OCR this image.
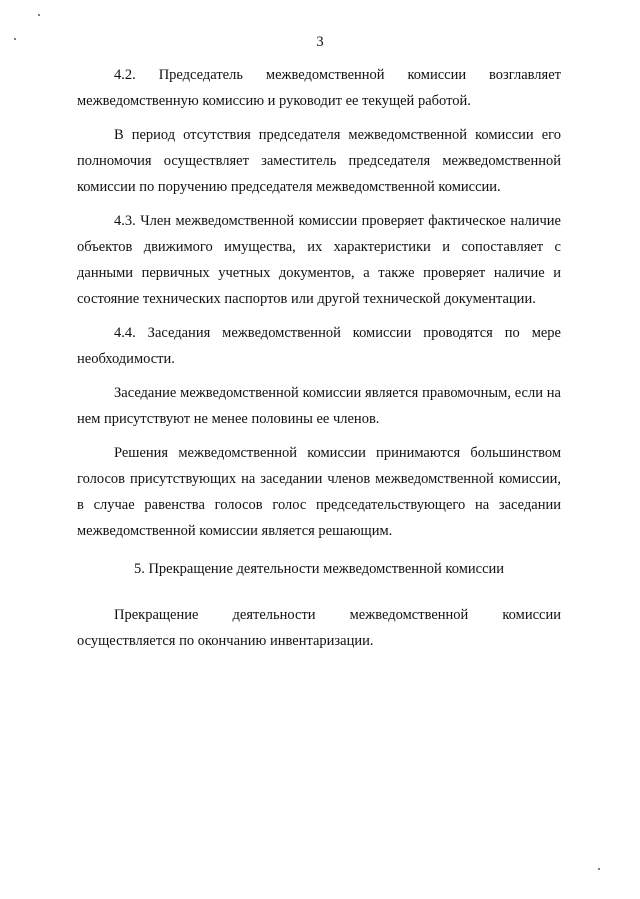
3

4.2. Председатель межведомственной комиссии возглавляет межведомственную комиссию и руководит ее текущей работой.

В период отсутствия председателя межведомственной комиссии его полномочия осуществляет заместитель председателя межведомственной комиссии по поручению председателя межведомственной комиссии.

4.3. Член межведомственной комиссии проверяет фактическое наличие объектов движимого имущества, их характеристики и сопоставляет с данными первичных учетных документов, а также проверяет наличие и состояние технических паспортов или другой технической документации.

4.4. Заседания межведомственной комиссии проводятся по мере необходимости.

Заседание межведомственной комиссии является правомочным, если на нем присутствуют не менее половины ее членов.

Решения межведомственной комиссии принимаются большинством голосов присутствующих на заседании членов межведомственной комиссии, в случае равенства голосов голос председательствующего на заседании межведомственной комиссии является решающим.

5. Прекращение деятельности межведомственной комиссии

Прекращение деятельности межведомственной комиссии осуществляется по окончанию инвентаризации.
